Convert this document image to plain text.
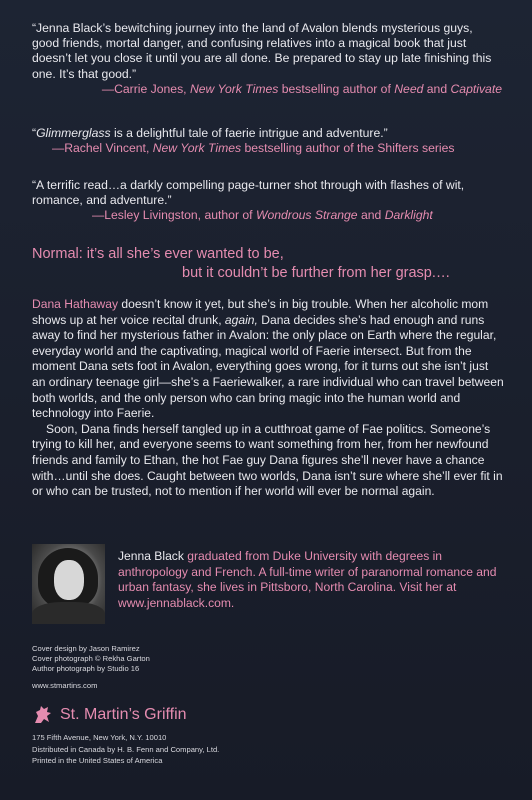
“Jenna Black’s bewitching journey into the land of Avalon blends mysterious guys, good friends, mortal danger, and confusing relatives into a magical book that just doesn’t let you close it until you are all done. Be prepared to stay up late finishing this one. It’s that good.”
—Carrie Jones, New York Times bestselling author of Need and Captivate
“Glimmerglass is a delightful tale of faerie intrigue and adventure.”
—Rachel Vincent, New York Times bestselling author of the Shifters series
“A terrific read…a darkly compelling page-turner shot through with flashes of wit, romance, and adventure.”
—Lesley Livingston, author of Wondrous Strange and Darklight
Normal: it’s all she’s ever wanted to be,
but it couldn’t be further from her grasp.…

Dana Hathaway doesn’t know it yet, but she’s in big trouble. When her alcoholic mom shows up at her voice recital drunk, again, Dana decides she’s had enough and runs away to find her mysterious father in Avalon: the only place on Earth where the regular, everyday world and the captivating, magical world of Faerie intersect. But from the moment Dana sets foot in Avalon, everything goes wrong, for it turns out she isn’t just an ordinary teenage girl—she’s a Faeriewalker, a rare individual who can travel between both worlds, and the only person who can bring magic into the human world and technology into Faerie.

Soon, Dana finds herself tangled up in a cutthroat game of Fae politics. Someone’s trying to kill her, and everyone seems to want something from her, from her newfound friends and family to Ethan, the hot Fae guy Dana figures she’ll never have a chance with…until she does. Caught between two worlds, Dana isn’t sure where she’ll ever fit in or who can be trusted, not to mention if her world will ever be normal again.

Jenna Black graduated from Duke University with degrees in anthropology and French. A full-time writer of paranormal romance and urban fantasy, she lives in Pittsboro, North Carolina. Visit her at www.jennablack.com.
Cover design by Jason Ramirez
Cover photograph © Rekha Garton
Author photograph by Studio 16
www.stmartins.com
St. Martin’s Griffin
175 Fifth Avenue, New York, N.Y. 10010
Distributed in Canada by H. B. Fenn and Company, Ltd.
Printed in the United States of America
